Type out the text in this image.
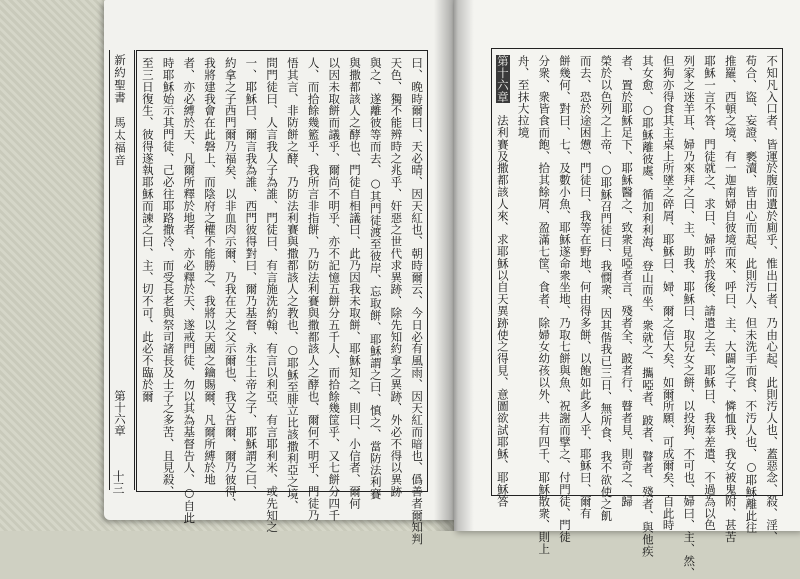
新約聖書　馬太福音
第十六章
十三	曰、晚時爾曰、天必晴、因天紅也、朝時爾云、今日必有風雨、因天紅而暗也、僞善者爾知判
天色、獨不能辨時之兆乎、奸惡之世代求異跡、除先知約拿之異跡、外必不得以異跡
與之、遂離彼等而去、○其門徒渡至彼岸、忘取餅、耶穌謂之曰、慎之、當防法利賽
與撒都該人之酵也、門徒自相議曰、此乃因我未取餅、耶穌知之、則曰、小信者、爾何
以因未取餅而議乎、爾尚不明乎、亦不記憶五餅分五千人、而拾餘幾筐乎、又七餅分四千
人、而拾餘幾籃乎、我所言非指餅、乃防法利賽與撒都該人之酵也、爾何不明乎、門徒乃
悟其言、非防餅之酵、乃防法利賽與撒都該人之教也、○耶穌至腓立比該撒利亞之境、
問門徒曰、人言我人子為誰、門徒曰、有言施洗約翰、有言以利亞、有言耶利米、或先知之
一、耶穌曰、爾言我為誰、西門彼得對曰、爾乃基督、永生上帝之子、耶穌謂之曰、
約拿之子西門爾乃福矣、以非血肉示爾、乃我在天之父示爾也、我又告爾、爾乃彼得、
我將建我會在此磐上、而陰府之權不能勝之、我將以天國之鑰賜爾、凡爾所縛於地
者、亦必縛於天、凡爾所釋於地者、亦必釋於天、遂戒門徒、勿以其為基督告人、○自此
時耶穌始示其門徒、己必往耶路撒冷、而受長老與祭司諸長及士子之多苦、且見殺、
至三日復生、彼得遂執耶穌而諫之曰、主、切不可、此必不臨於爾	不知凡入口者、皆運於腹而遺於廁乎、惟出口者、乃由心起、此則汚人也、蓋惡念、殺、淫、
苟合、盜、妄證、褻瀆、皆由心而起、此則汚人、但未洗手而食、不汚人也、○耶穌離此往
推羅、西頓之境、有一迦南婦自彼境而來、呼曰、主、大闢之子、憐恤我、我女被鬼附、甚苦
耶穌一言不答、門徒就之、求曰、婦呼於我後、請遣之去、耶穌曰、我奉差遣、不過為以色
列家之迷羊耳、婦乃來拜之曰、主、助我、耶穌曰、取兒女之餅、以投狗、不可也、婦曰、主、然、
但狗亦得食其主桌上所墜之碎屑、耶穌曰、婦、爾之信大矣、如爾所願、可成爾矣、自此時
其女愈、○耶穌離彼處、循加利利海、登山而坐、衆就之、攜啞者、跛者、瞽者、殘者、與他疾
者、置於耶穌足下、耶穌醫之、致衆見啞者言、殘者全、跛者行、瞽者見、則奇之、歸
榮於以色列之上帝、○耶穌召門徒曰、我憫衆、因其偕我已三日、無所食、我不欲使之飢
而去、恐於途困憊、門徒曰、我等在野地、何由得多餅、以飽如此多人乎、耶穌曰、爾有
餅幾何、對曰、七、及數小魚、耶穌遂命衆坐地、乃取七餅與魚、祝謝而擘之、付門徒、門徒
分衆、衆皆食而飽、拾其餘屑、盈滿七筐、食者、除婦女幼孩以外、共有四千、耶穌散衆、則上
舟、至抹大拉境
第十六章　法利賽及撒都該人來、求耶穌以自天異跡使之得見、意圖欲試耶穌、耶穌答
